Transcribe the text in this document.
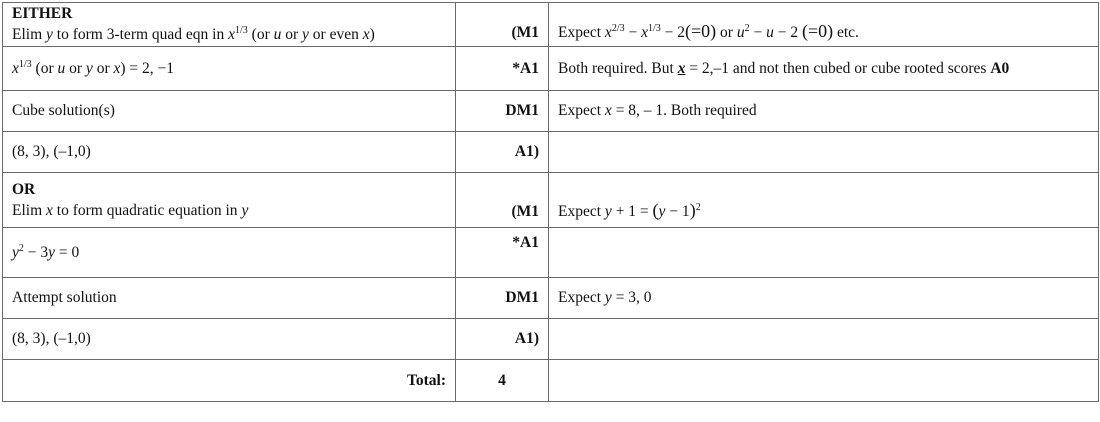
EITHER
Elim y to form 3-term quad eqn in $x^{1/3}$ (or u or y or even x)	(M1	Expect $x^{2/3} - x^{1/3} - 2(=0)$ or $u^2 - u - 2$ (=0) etc.
$x^{1/3}$ (or u or y or x) = 2, −1	*A1	Both required. But x = 2,–1 and not then cubed or cube rooted scores A0
Cube solution(s)	DM1	Expect x = 8, – 1. Both required
(8, 3), (–1,0)	A1)	

OR
Elim x to form quadratic equation in y	(M1	Expect $y + 1 = (y - 1)^2$
$y^2 - 3y = 0$	*A1	
Attempt solution	DM1	Expect y = 3, 0
(8, 3), (–1,0)	A1)	
Total:	4	
